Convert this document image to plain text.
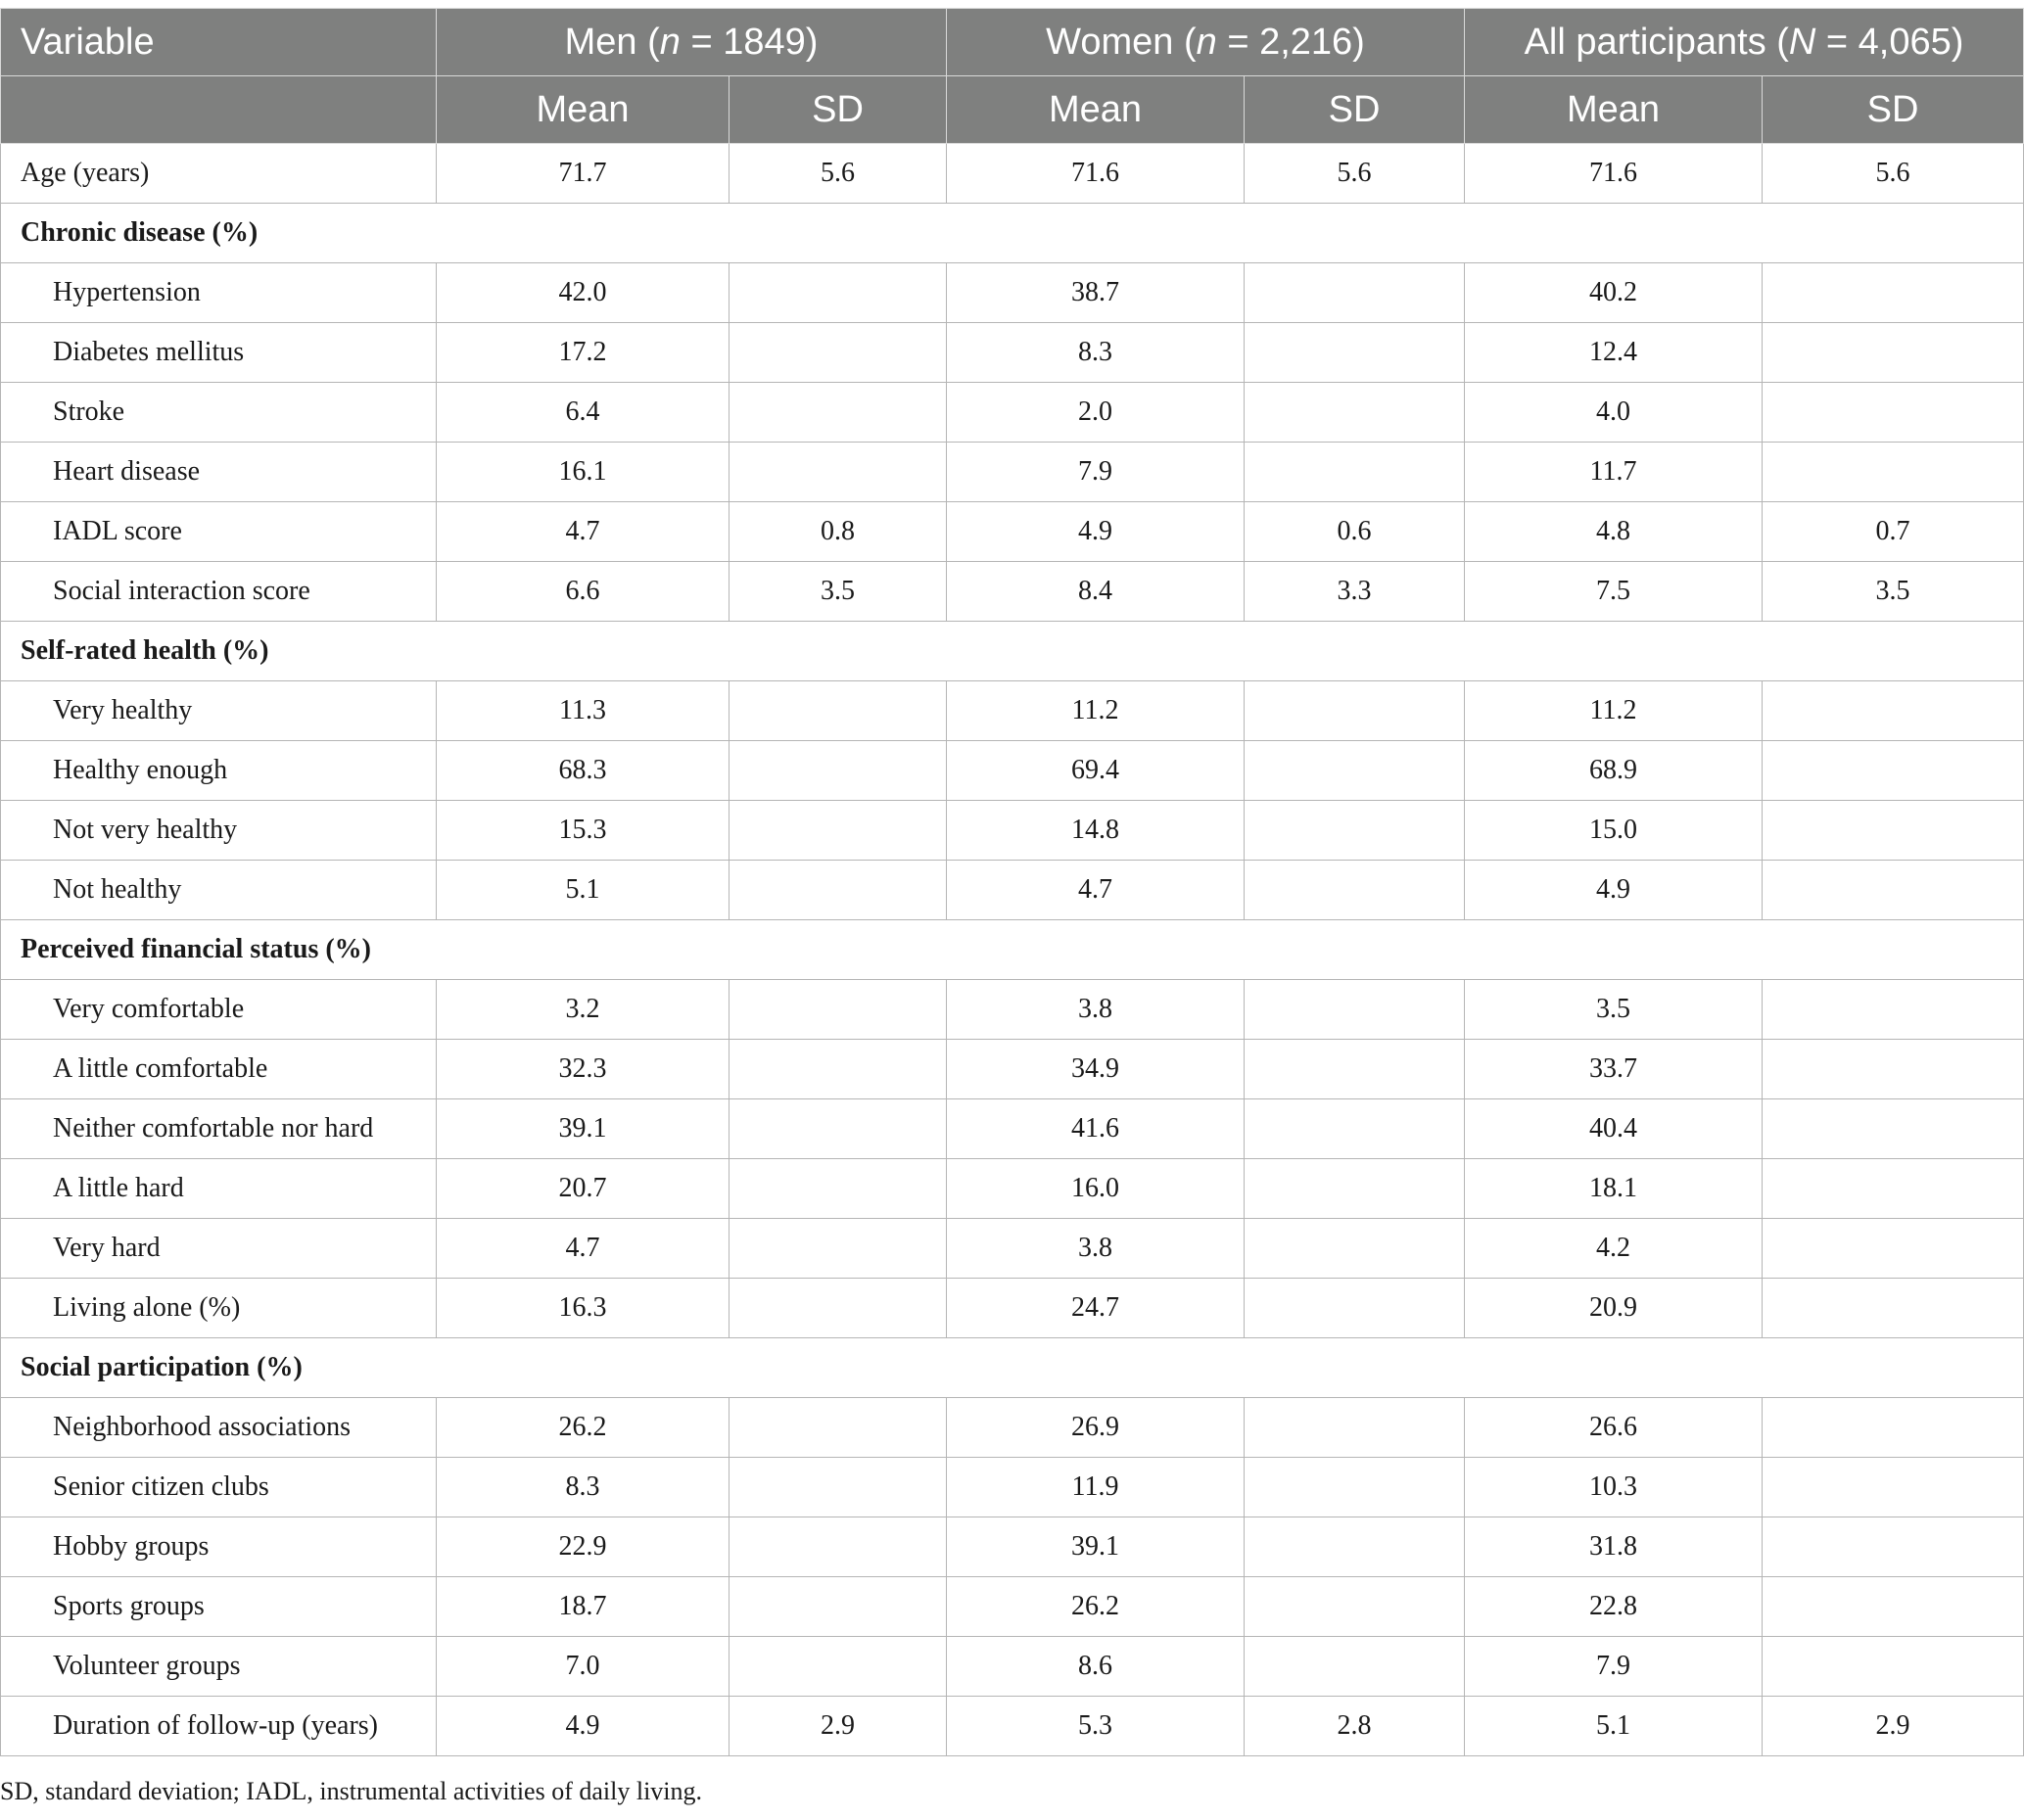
Variable	Men (n = 1849)		Women (n = 2,216)		All participants (N = 4,065)	
	Mean	SD	Mean	SD	Mean	SD
Age (years)	71.7	5.6	71.6	5.6	71.6	5.6
Chronic disease (%)						
Hypertension	42.0		38.7		40.2	
Diabetes mellitus	17.2		8.3		12.4	
Stroke	6.4		2.0		4.0	
Heart disease	16.1		7.9		11.7	
IADL score	4.7	0.8	4.9	0.6	4.8	0.7
Social interaction score	6.6	3.5	8.4	3.3	7.5	3.5
Self-rated health (%)						
Very healthy	11.3		11.2		11.2	
Healthy enough	68.3		69.4		68.9	
Not very healthy	15.3		14.8		15.0	
Not healthy	5.1		4.7		4.9	
Perceived financial status (%)						
Very comfortable	3.2		3.8		3.5	
A little comfortable	32.3		34.9		33.7	
Neither comfortable nor hard	39.1		41.6		40.4	
A little hard	20.7		16.0		18.1	
Very hard	4.7		3.8		4.2	
Living alone (%)	16.3		24.7		20.9	
Social participation (%)						
Neighborhood associations	26.2		26.9		26.6	
Senior citizen clubs	8.3		11.9		10.3	
Hobby groups	22.9		39.1		31.8	
Sports groups	18.7		26.2		22.8	
Volunteer groups	7.0		8.6		7.9	
Duration of follow-up (years)	4.9	2.9	5.3	2.8	5.1	2.9
SD, standard deviation; IADL, instrumental activities of daily living.
